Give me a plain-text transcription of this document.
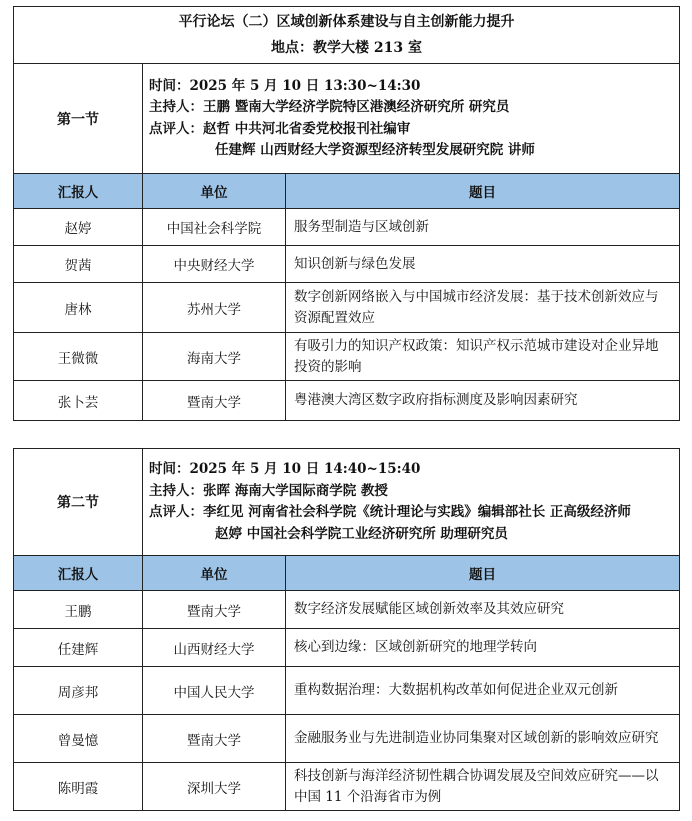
平行论坛（二）区域创新体系建设与自主创新能力提升
地点：教学大楼 213 室		

第一节	时间：2025 年 5 月 10 日 13:30~14:30
主持人：王鹏 暨南大学经济学院特区港澳经济研究所 研究员
点评人：赵哲 中共河北省委党校报刊社编审
任建辉 山西财经大学资源型经济转型发展研究院 讲师	

汇报人	单位	题目
赵婷	中国社会科学院	服务型制造与区域创新
贺茜	中央财经大学	知识创新与绿色发展
唐林	苏州大学	数字创新网络嵌入与中国城市经济发展：基于技术创新效应与资源配置效应
王微微	海南大学	有吸引力的知识产权政策：知识产权示范城市建设对企业异地投资的影响
张卜芸	暨南大学	粤港澳大湾区数字政府指标测度及影响因素研究
第二节	时间：2025 年 5 月 10 日 14:40~15:40
主持人：张晖 海南大学国际商学院 教授
点评人：李红见 河南省社会科学院《统计理论与实践》编辑部社长 正高级经济师
赵婷 中国社会科学院工业经济研究所 助理研究员	

汇报人	单位	题目
王鹏	暨南大学	数字经济发展赋能区域创新效率及其效应研究
任建辉	山西财经大学	核心到边缘：区域创新研究的地理学转向
周彦邦	中国人民大学	重构数据治理：大数据机构改革如何促进企业双元创新
曾曼憶	暨南大学	金融服务业与先进制造业协同集聚对区域创新的影响效应研究
陈明霞	深圳大学	科技创新与海洋经济韧性耦合协调发展及空间效应研究——以中国 11 个沿海省市为例
